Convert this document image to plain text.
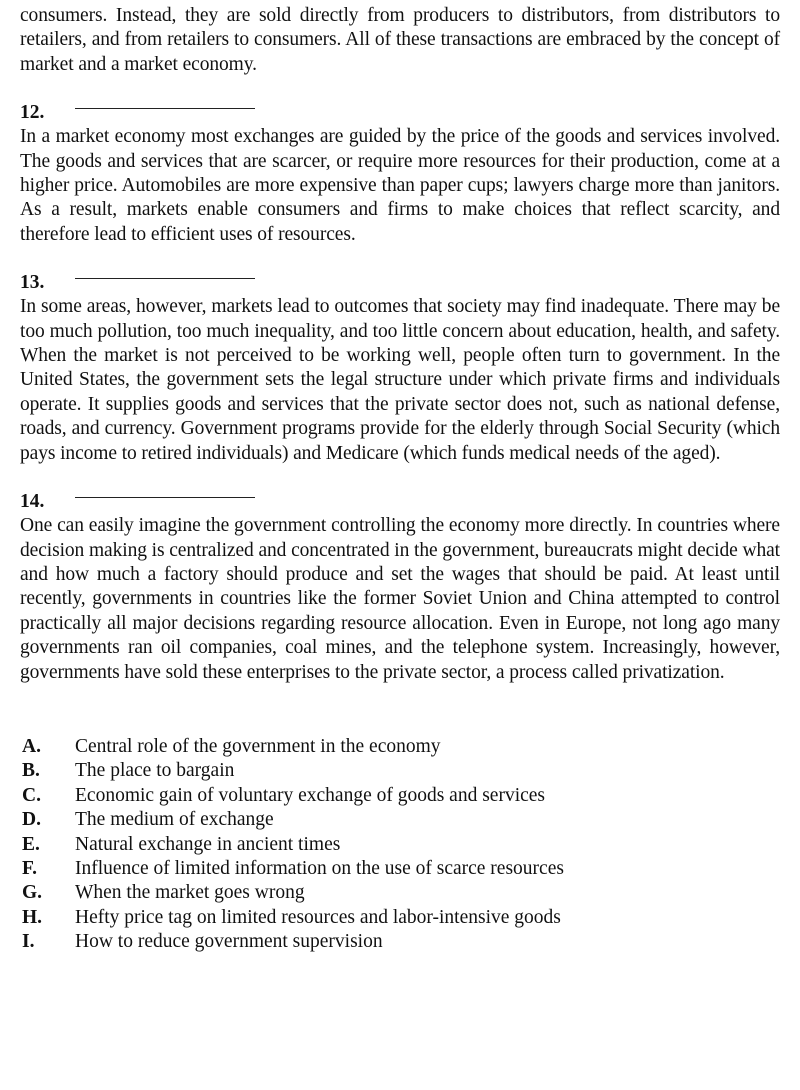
consumers. Instead, they are sold directly from producers to distributors, from distributors to retailers, and from retailers to consumers. All of these transactions are embraced by the concept of market and a market economy.

12.

In a market economy most exchanges are guided by the price of the goods and services involved. The goods and services that are scarcer, or require more resources for their production, come at a higher price. Automobiles are more expensive than paper cups; lawyers charge more than janitors. As a result, markets enable consumers and firms to make choices that reflect scarcity, and therefore lead to efficient uses of resources.

13.

In some areas, however, markets lead to outcomes that society may find inadequate. There may be too much pollution, too much inequality, and too little concern about education, health, and safety. When the market is not perceived to be working well, people often turn to government. In the United States, the government sets the legal structure under which private firms and individuals operate. It supplies goods and services that the private sector does not, such as national defense, roads, and currency. Government programs provide for the elderly through Social Security (which pays income to retired individuals) and Medicare (which funds medical needs of the aged).

14.

One can easily imagine the government controlling the economy more directly. In countries where decision making is centralized and concentrated in the government, bureaucrats might decide what and how much a factory should produce and set the wages that should be paid. At least until recently, governments in countries like the former Soviet Union and China attempted to control practically all major decisions regarding resource allocation. Even in Europe, not long ago many governments ran oil companies, coal mines, and the telephone system. Increasingly, however, governments have sold these enterprises to the private sector, a process called privatization.

A.	Central role of the government in the economy
B.	The place to bargain
C.	Economic gain of voluntary exchange of goods and services
D.	The medium of exchange
E.	Natural exchange in ancient times
F.	Influence of limited information on the use of scarce resources
G.	When the market goes wrong
H.	Hefty price tag on limited resources and labor-intensive goods
I.	How to reduce government supervision
